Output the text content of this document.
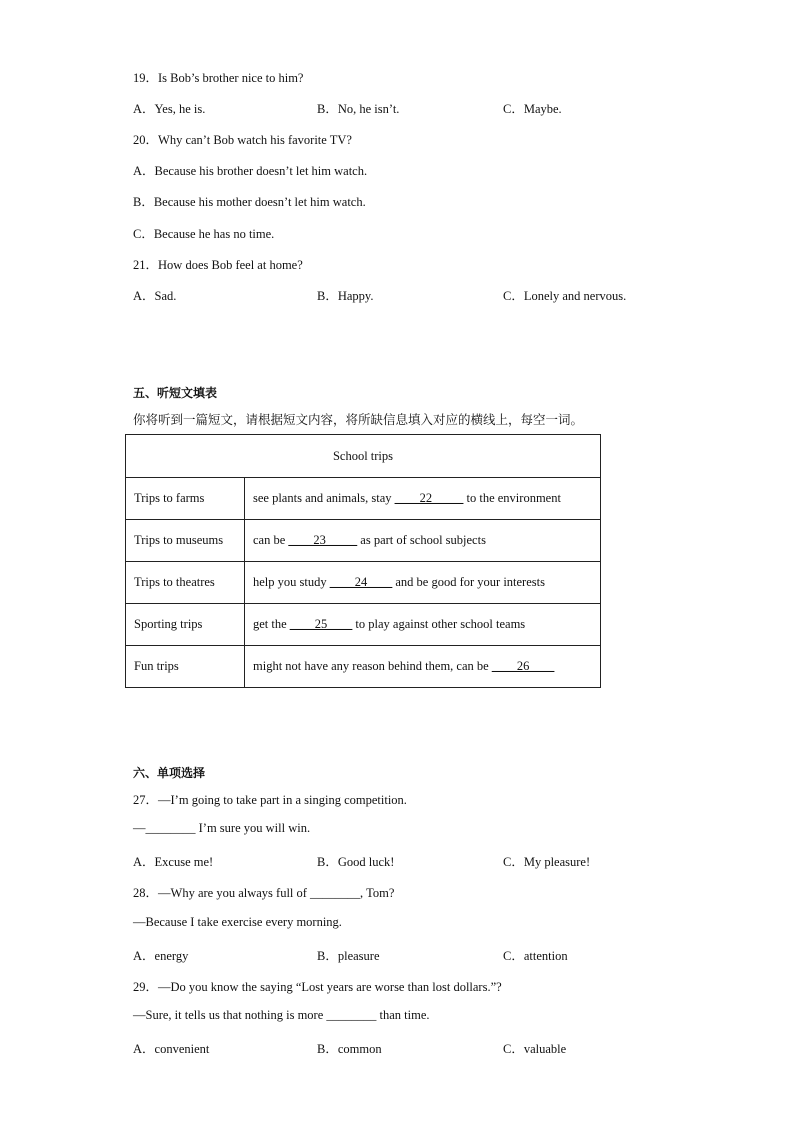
19．Is Bob’s brother nice to him?
A．Yes, he is.	B．No, he isn’t.	C．Maybe.
20．Why can’t Bob watch his favorite TV?
A．Because his brother doesn’t let him watch.
B．Because his mother doesn’t let him watch.
C．Because he has no time.
21．How does Bob feel at home?
A．Sad.	B．Happy.	C．Lonely and nervous.
五、听短文填表
你将听到一篇短文，请根据短文内容，将所缺信息填入对应的横线上，每空一词。
School trips	
Trips to farms	see plants and animals, stay ____22_____ to the environment
Trips to museums	can be ____23_____ as part of school subjects
Trips to theatres	help you study ____24____ and be good for your interests
Sporting trips	get the ____25____ to play against other school teams
Fun trips	might not have any reason behind them, can be ____26____
六、单项选择
27．—I’m going to take part in a singing competition.
—________ I’m sure you will win.
A．Excuse me!	B．Good luck!	C．My pleasure!
28．—Why are you always full of ________, Tom?
—Because I take exercise every morning.
A．energy	B．pleasure	C．attention
29．—Do you know the saying “Lost years are worse than lost dollars.”?
—Sure, it tells us that nothing is more ________ than time.
A．convenient	B．common	C．valuable
